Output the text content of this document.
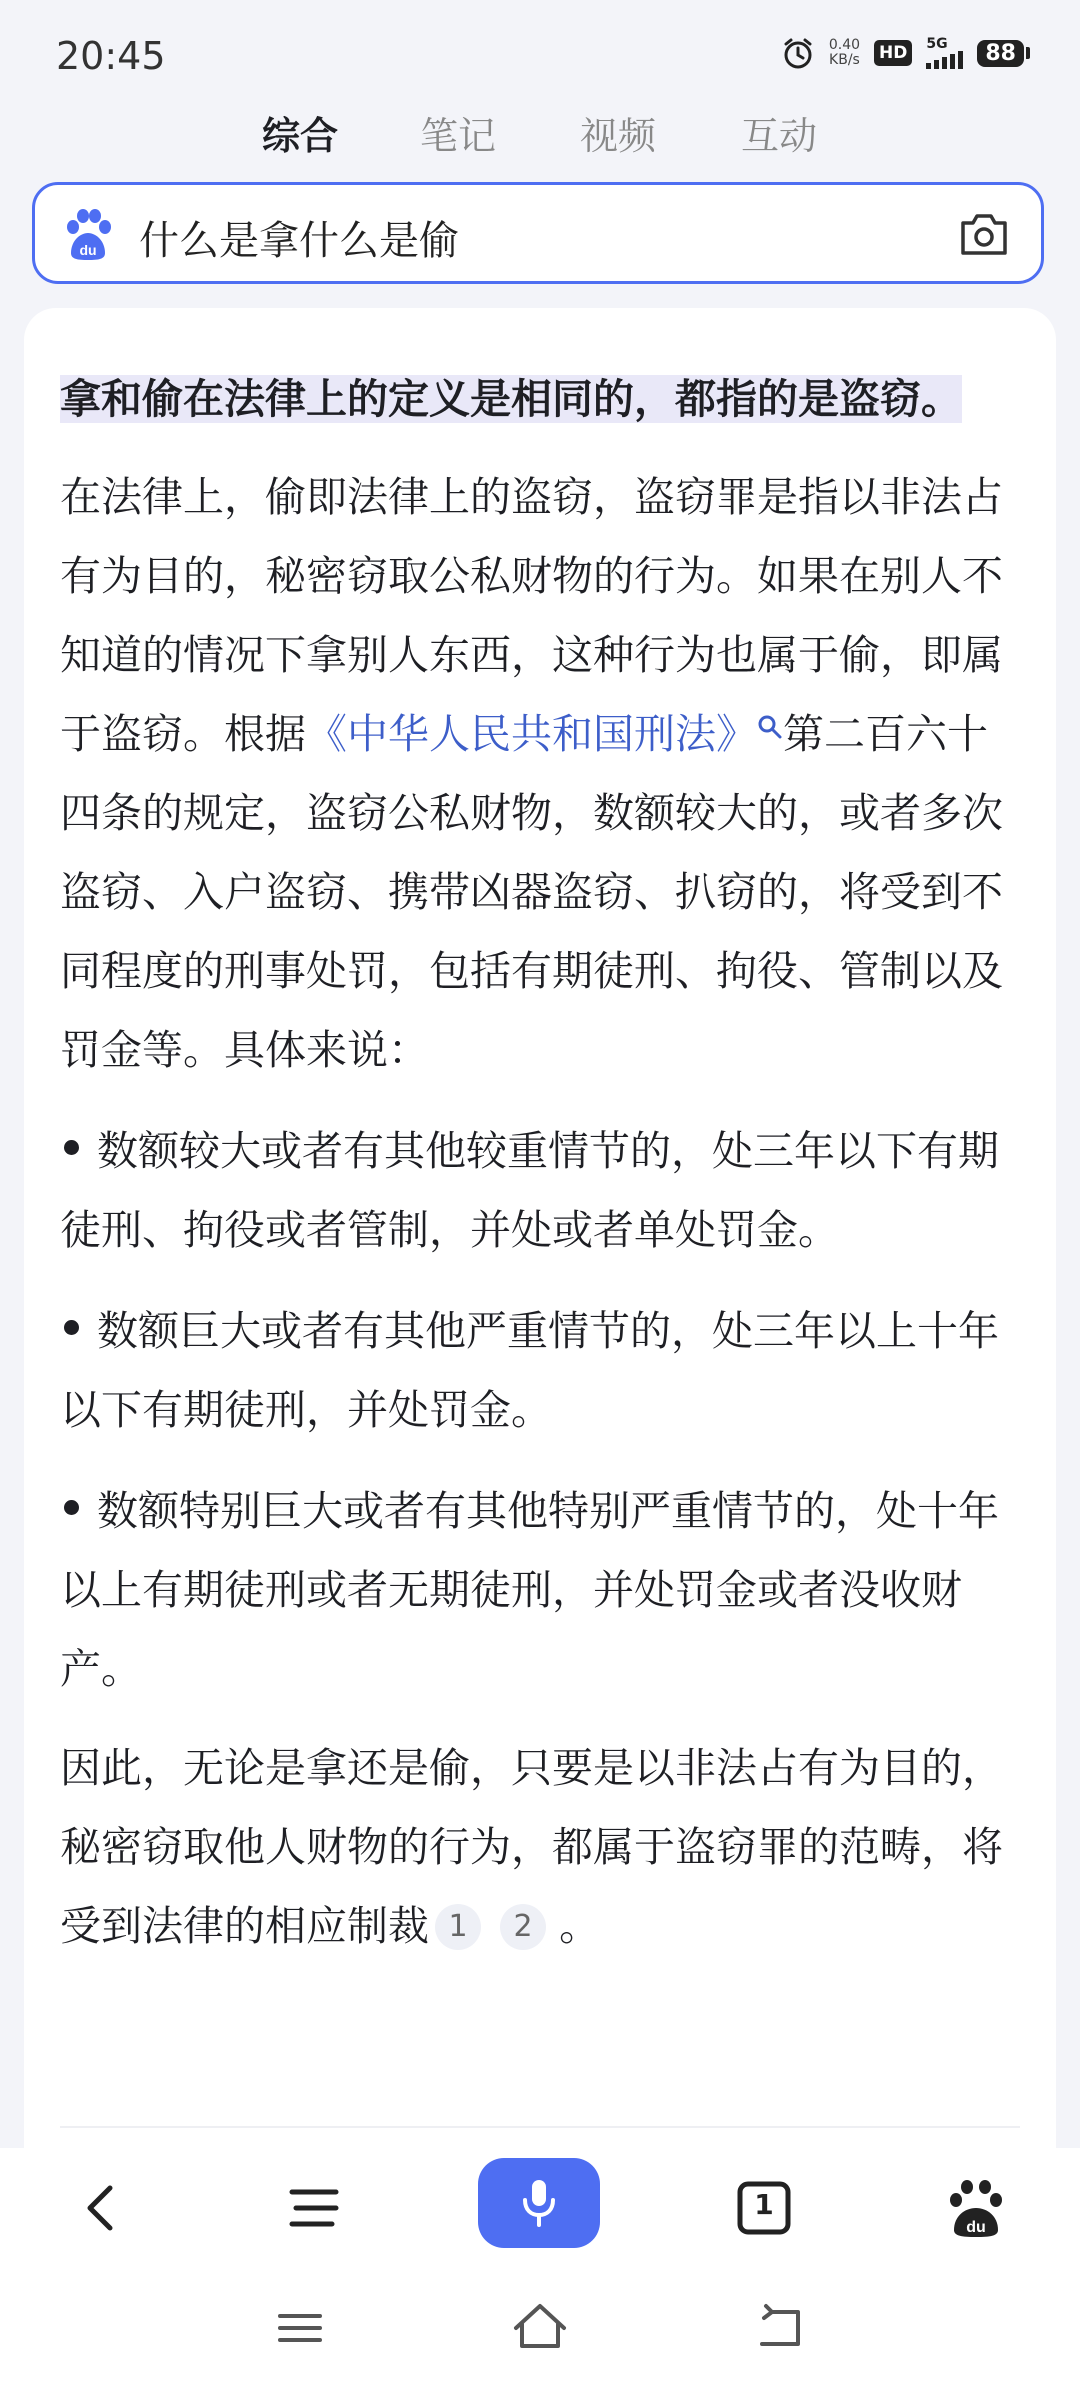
20:45	0.40
KB/s HD	5G	88
综合 笔记 视频 互动
du 什么是拿什么是偷

拿和偷在法律上的定义是相同的，都指的是盗窃。

在法律上，偷即法律上的盗窃，盗窃罪是指以非法占有为目的，秘密窃取公私财物的行为。如果在别人不知道的情况下拿别人东西，这种行为也属于偷，即属于盗窃。根据《中华人民共和国刑法》 第二百六十四条的规定，盗窃公私财物，数额较大的，或者多次盗窃、入户盗窃、携带凶器盗窃、扒窃的，将受到不同程度的刑事处罚，包括有期徒刑、拘役、管制以及罚金等。具体来说：

数额较大或者有其他较重情节的，处三年以下有期徒刑、拘役或者管制，并处或者单处罚金。

数额巨大或者有其他严重情节的，处三年以上十年以下有期徒刑，并处罚金。

数额特别巨大或者有其他特别严重情节的，处十年以上有期徒刑或者无期徒刑，并处罚金或者没收财产。

因此，无论是拿还是偷，只要是以非法占有为目的，秘密窃取他人财物的行为，都属于盗窃罪的范畴，将受到法律的相应制裁 1 2 。

1
du
